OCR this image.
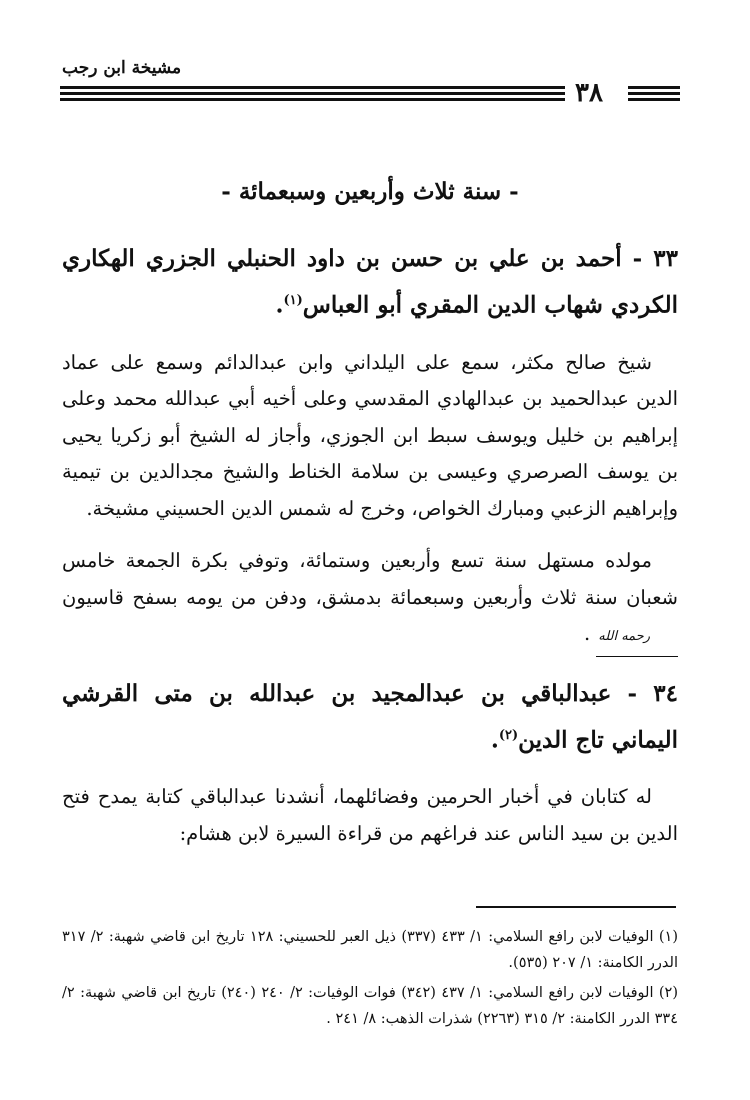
مشيخة ابن رجب
٣٨
- سنة ثلاث وأربعين وسبعمائة -
٣٣ - أحمد بن علي بن حسن بن داود الحنبلي الجزري الهكاري الكردي شهاب الدين المقري أبو العباس$^{(١)}$.

شيخ صالح مكثر، سمع على اليلداني وابن عبدالدائم وسمع على عماد الدين عبدالحميد بن عبدالهادي المقدسي وعلى أخيه أبي عبدالله محمد وعلى إبراهيم بن خليل ويوسف سبط ابن الجوزي، وأجاز له الشيخ أبو زكريا يحيى بن يوسف الصرصري وعيسى بن سلامة الخناط والشيخ مجدالدين بن تيمية وإبراهيم الزعبي ومبارك الخواص، وخرج له شمس الدين الحسيني مشيخة.

مولده مستهل سنة تسع وأربعين وستمائة، وتوفي بكرة الجمعة خامس شعبان سنة ثلاث وأربعين وسبعمائة بدمشق، ودفن من يومه بسفح قاسيون رحمه الله.

٣٤ - عبدالباقي بن عبدالمجيد بن عبدالله بن متى القرشي اليماني تاج الدين$^{(٢)}$.

له كتابان في أخبار الحرمين وفضائلهما، أنشدنا عبدالباقي كتابة يمدح فتح الدين بن سيد الناس عند فراغهم من قراءة السيرة لابن هشام:

(١) الوفيات لابن رافع السلامي: ١/ ٤٣٣ (٣٣٧) ذيل العبر للحسيني: ١٢٨ تاريخ ابن قاضي شهبة: ٢/ ٣١٧ الدرر الكامنة: ١/ ٢٠٧ (٥٣٥).

(٢) الوفيات لابن رافع السلامي: ١/ ٤٣٧ (٣٤٢) فوات الوفيات: ٢/ ٢٤٠ (٢٤٠) تاريخ ابن قاضي شهبة: ٢/ ٣٣٤ الدرر الكامنة: ٢/ ٣١٥ (٢٢٦٣) شذرات الذهب: ٨/ ٢٤١ .
